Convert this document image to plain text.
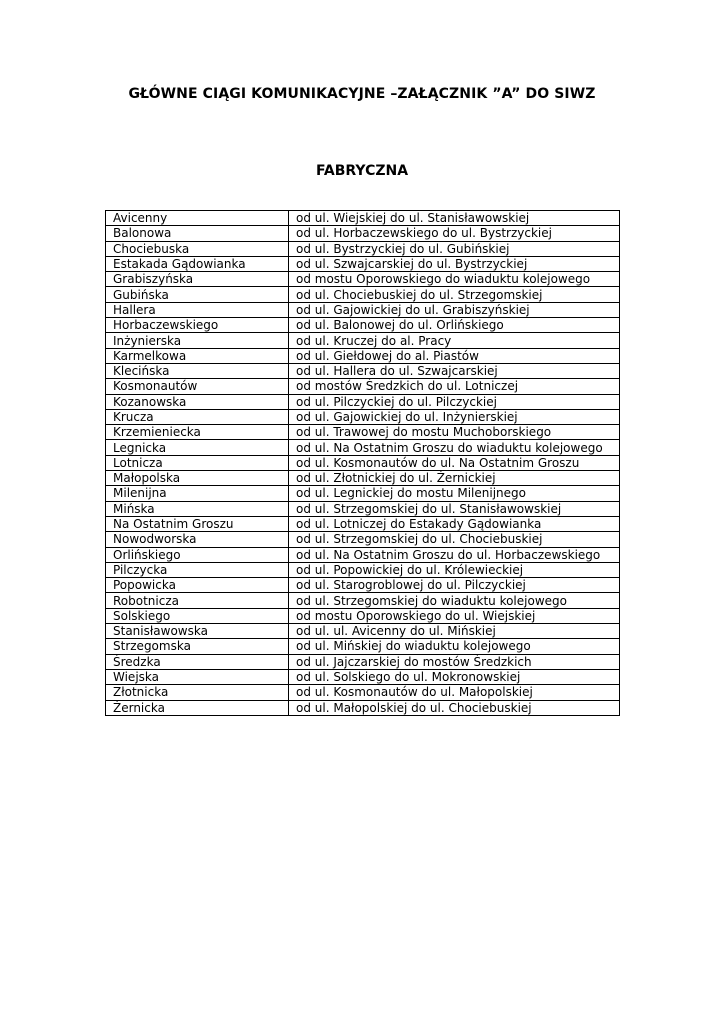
GŁÓWNE CIĄGI KOMUNIKACYJNE –ZAŁĄCZNIK ”A” DO SIWZ
FABRYCZNA
Avicenny	od ul. Wiejskiej do ul. Stanisławowskiej
Balonowa	od ul. Horbaczewskiego do ul. Bystrzyckiej
Chociebuska	od ul. Bystrzyckiej do ul. Gubińskiej
Estakada Gądowianka	od ul. Szwajcarskiej do ul. Bystrzyckiej
Grabiszyńska	od mostu Oporowskiego do wiaduktu kolejowego
Gubińska	od ul. Chociebuskiej do ul. Strzegomskiej
Hallera	od ul. Gajowickiej do ul. Grabiszyńskiej
Horbaczewskiego	od ul. Balonowej do ul. Orlińskiego
Inżynierska	od ul. Kruczej do al. Pracy
Karmelkowa	od ul. Giełdowej do al. Piastów
Klecińska	od ul. Hallera do ul. Szwajcarskiej
Kosmonautów	od mostów Średzkich do ul. Lotniczej
Kozanowska	od ul. Pilczyckiej do ul. Pilczyckiej
Krucza	od ul. Gajowickiej do ul. Inżynierskiej
Krzemieniecka	od ul. Trawowej do mostu Muchoborskiego
Legnicka	od ul. Na Ostatnim Groszu do wiaduktu kolejowego
Lotnicza	od ul. Kosmonautów do ul. Na Ostatnim Groszu
Małopolska	od ul. Złotnickiej do ul. Żernickiej
Milenijna	od ul. Legnickiej do mostu Milenijnego
Mińska	od ul. Strzegomskiej do ul. Stanisławowskiej
Na Ostatnim Groszu	od ul. Lotniczej do Estakady Gądowianka
Nowodworska	od ul. Strzegomskiej do ul. Chociebuskiej
Orlińskiego	od ul. Na Ostatnim Groszu do ul. Horbaczewskiego
Pilczycka	od ul. Popowickiej do ul. Królewieckiej
Popowicka	od ul. Starogroblowej do ul. Pilczyckiej
Robotnicza	od ul. Strzegomskiej do wiaduktu kolejowego
Solskiego	od mostu Oporowskiego do ul. Wiejskiej
Stanisławowska	od ul. ul. Avicenny do ul. Mińskiej
Strzegomska	od ul. Mińskiej do wiaduktu kolejowego
Średzka	od ul. Jajczarskiej do mostów Średzkich
Wiejska	od ul. Solskiego do ul. Mokronowskiej
Złotnicka	od ul. Kosmonautów do ul. Małopolskiej
Żernicka	od ul. Małopolskiej do ul. Chociebuskiej
